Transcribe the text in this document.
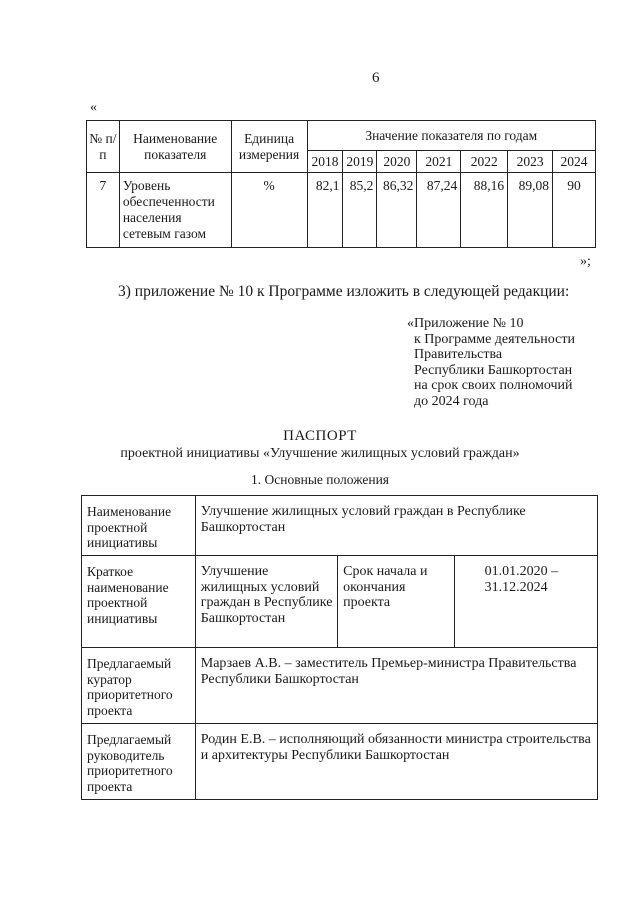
6
«
№ п/п	Наименование показателя	Единица измерения	Значение показателя по годам						
			2018	2019	2020	2021	2022	2023	2024
7	Уровень обеспеченности населения сетевым газом	%	82,1	85,2	86,32	87,24	88,16	89,08	90
»;
3) приложение № 10 к Программе изложить в следующей редакции:
«Приложение № 10
к Программе деятельности
Правительства
Республики Башкортостан
на срок своих полномочий
до 2024 года
ПАСПОРТ
проектной инициативы «Улучшение жилищных условий граждан»
1. Основные положения
Наименование проектной инициативы	Улучшение жилищных условий граждан в Республике Башкортостан		
Краткое наименование проектной инициативы	Улучшение жилищных условий граждан в Республике Башкортостан	Срок начала и окончания проекта	01.01.2020 – 31.12.2024
Предлагаемый куратор приоритетного проекта	Марзаев А.В. – заместитель Премьер-министра Правительства Республики Башкортостан		
Предлагаемый руководитель приоритетного проекта	Родин Е.В. – исполняющий обязанности министра строительства и архитектуры Республики Башкортостан		
